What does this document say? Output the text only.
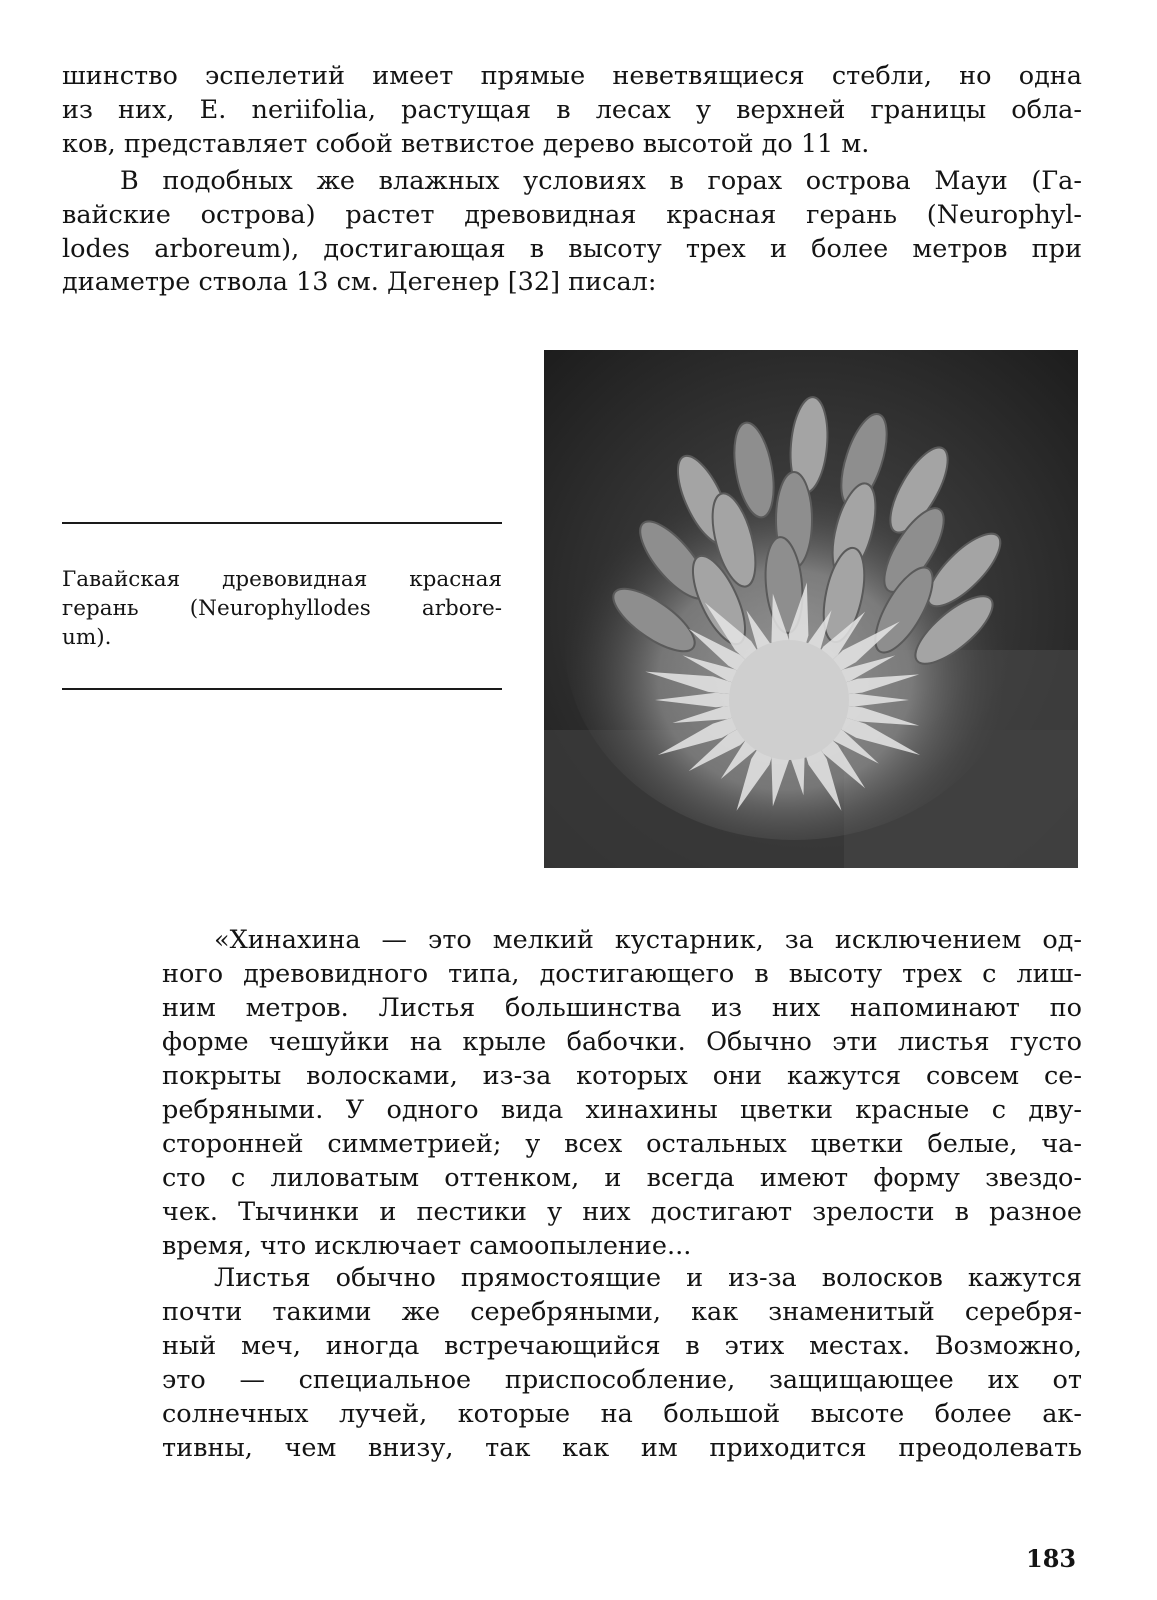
шинство эспелетий имеет прямые неветвящиеся стебли, но одна
из них, E. neriifolia, растущая в лесах у верхней границы обла-
ков, представляет собой ветвистое дерево высотой до 11 м.
В подобных же влажных условиях в горах острова Мауи (Га-
вайские острова) растет древовидная красная герань (Neurophyl-
lodes arboreum), достигающая в высоту трех и более метров при
диаметре ствола 13 см. Дегенер [32] писал:
Гавайская древовидная красная
герань (Neurophyllodes arbore-
um).
«Хинахина — это мелкий кустарник, за исключением од-
ного древовидного типа, достигающего в высоту трех с лиш-
ним метров. Листья большинства из них напоминают по
форме чешуйки на крыле бабочки. Обычно эти листья густо
покрыты волосками, из-за которых они кажутся совсем се-
ребряными. У одного вида хинахины цветки красные с дву-
сторонней симметрией; у всех остальных цветки белые, ча-
сто с лиловатым оттенком, и всегда имеют форму звездо-
чек. Тычинки и пестики у них достигают зрелости в разное
время, что исключает самоопыление...
Листья обычно прямостоящие и из-за волосков кажутся
почти такими же серебряными, как знаменитый серебря-
ный меч, иногда встречающийся в этих местах. Возможно,
это — специальное приспособление, защищающее их от
солнечных лучей, которые на большой высоте более ак-
тивны, чем внизу, так как им приходится преодолевать
183
